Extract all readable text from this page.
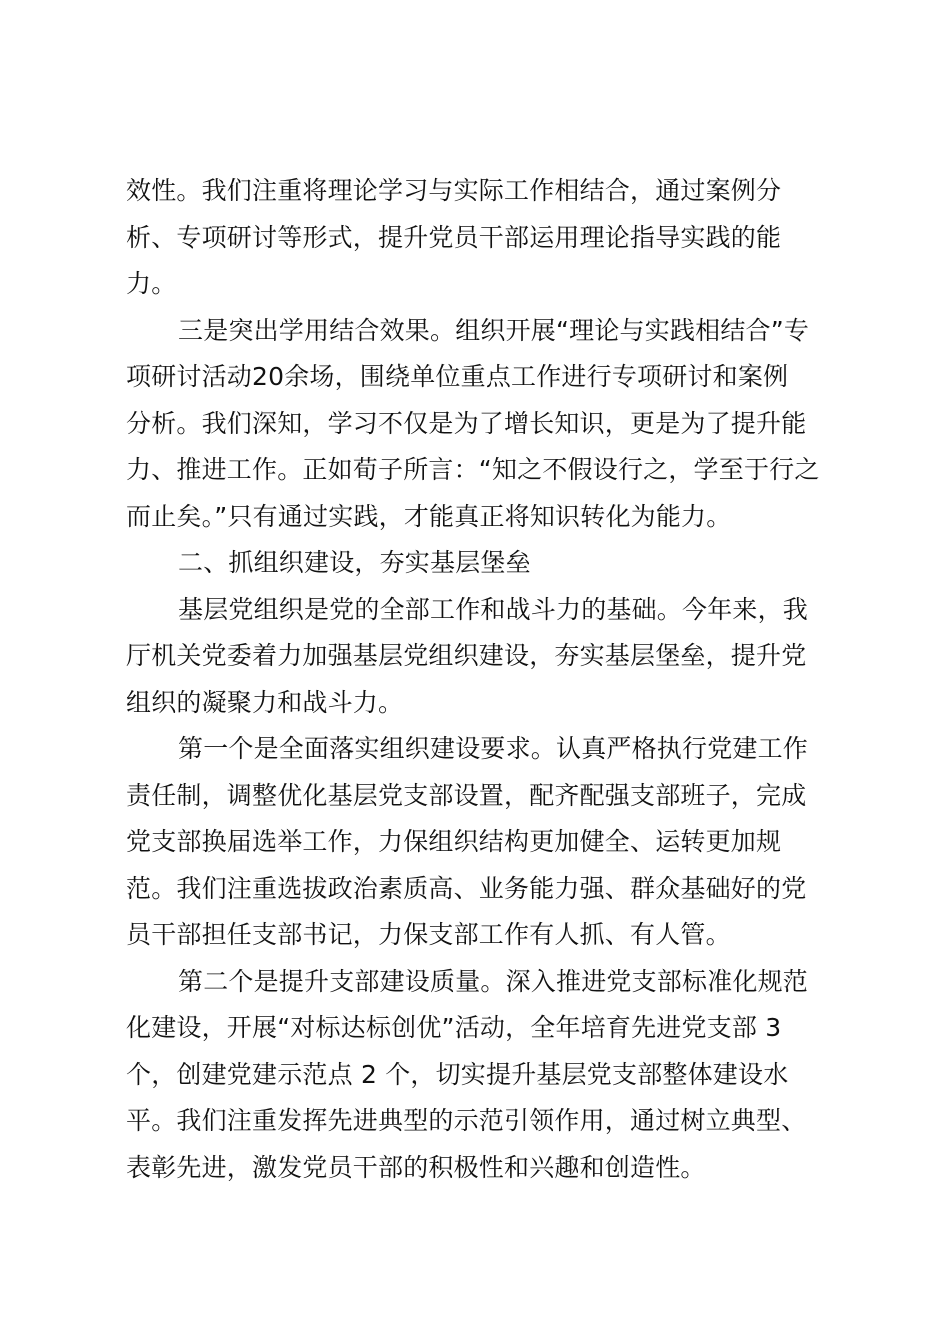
效性。我们注重将理论学习与实际工作相结合，通过案例分
析、专项研讨等形式，提升党员干部运用理论指导实践的能
力。
三是突出学用结合效果。组织开展“理论与实践相结合”专
项研讨活动20余场，围绕单位重点工作进行专项研讨和案例
分析。我们深知，学习不仅是为了增长知识，更是为了提升能
力、推进工作。正如荀子所言：“知之不假设行之，学至于行之
而止矣。”只有通过实践，才能真正将知识转化为能力。
二、抓组织建设，夯实基层堡垒
基层党组织是党的全部工作和战斗力的基础。今年来，我
厅机关党委着力加强基层党组织建设，夯实基层堡垒，提升党
组织的凝聚力和战斗力。
第一个是全面落实组织建设要求。认真严格执行党建工作
责任制，调整优化基层党支部设置，配齐配强支部班子，完成
党支部换届选举工作，力保组织结构更加健全、运转更加规
范。我们注重选拔政治素质高、业务能力强、群众基础好的党
员干部担任支部书记，力保支部工作有人抓、有人管。
第二个是提升支部建设质量。深入推进党支部标准化规范
化建设，开展“对标达标创优”活动，全年培育先进党支部 3
个，创建党建示范点 2 个，切实提升基层党支部整体建设水
平。我们注重发挥先进典型的示范引领作用，通过树立典型、
表彰先进，激发党员干部的积极性和兴趣和创造性。
